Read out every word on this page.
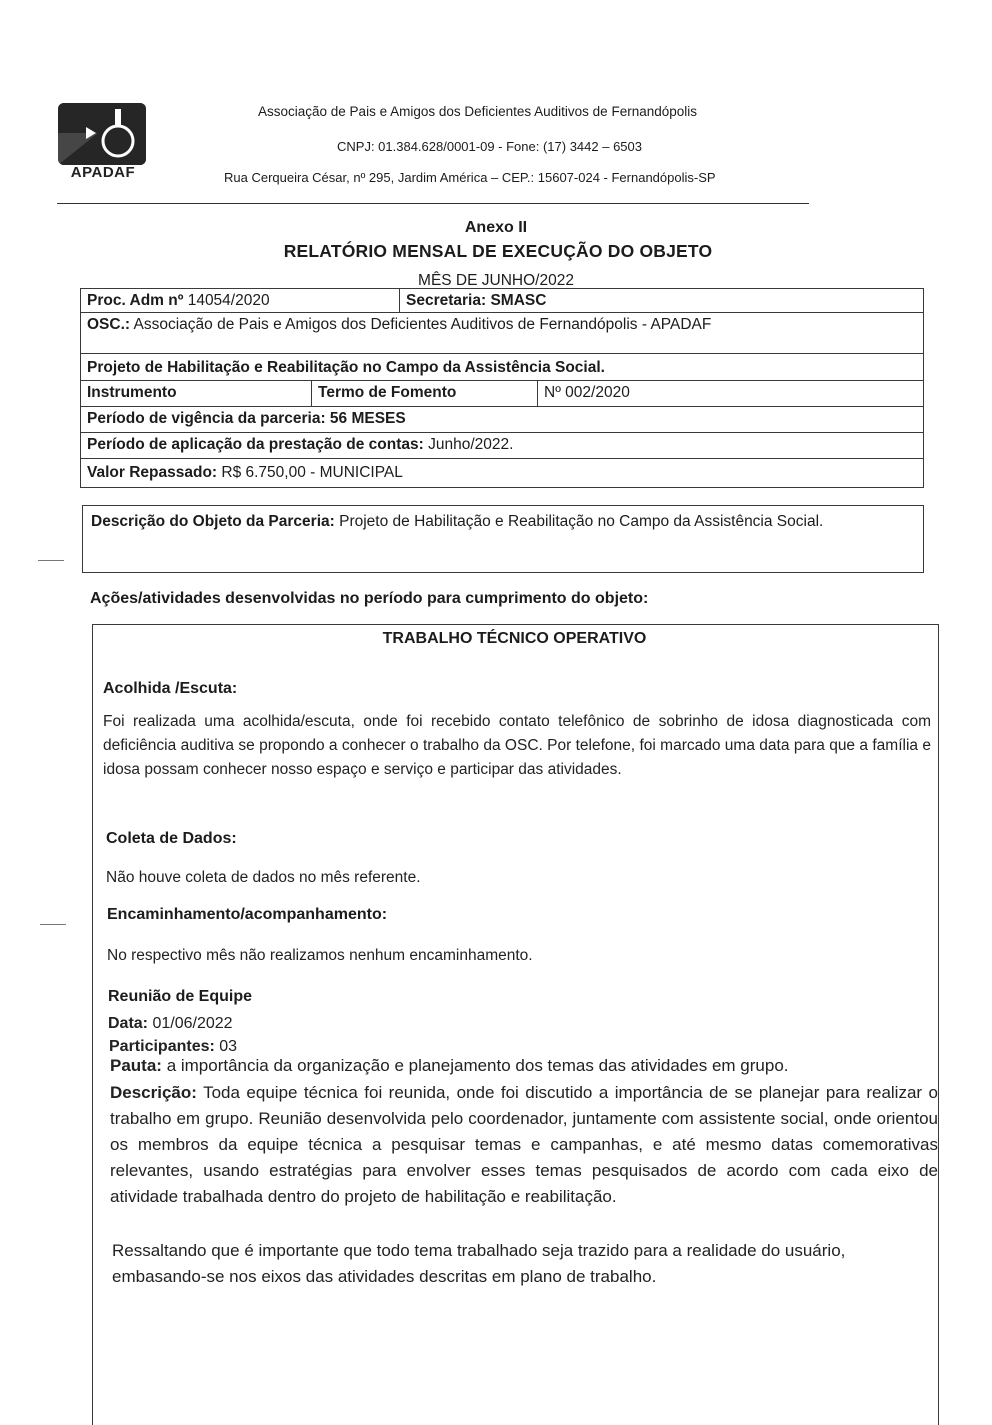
APADAF
Associação de Pais e Amigos dos Deficientes Auditivos de Fernandópolis
CNPJ: 01.384.628/0001-09 - Fone: (17) 3442 – 6503
Rua Cerqueira César, nº 295, Jardim América – CEP.: 15607-024 - Fernandópolis-SP
Anexo II
RELATÓRIO MENSAL DE EXECUÇÃO DO OBJETO
MÊS DE JUNHO/2022
Proc. Adm nº 14054/2020	Secretaria: SMASC
OSC.: Associação de Pais e Amigos dos Deficientes Auditivos de Fernandópolis - APADAF
Projeto de Habilitação e Reabilitação no Campo da Assistência Social.
Instrumento	Termo de Fomento	Nº 002/2020
Período de vigência da parceria: 56 MESES
Período de aplicação da prestação de contas: Junho/2022.
Valor Repassado: R$ 6.750,00 - MUNICIPAL
Descrição do Objeto da Parceria: Projeto de Habilitação e Reabilitação no Campo da Assistência Social.
Ações/atividades desenvolvidas no período para cumprimento do objeto:
TRABALHO TÉCNICO OPERATIVO
Acolhida /Escuta:
Foi realizada uma acolhida/escuta, onde foi recebido contato telefônico de sobrinho de idosa diagnosticada com deficiência auditiva se propondo a conhecer o trabalho da OSC. Por telefone, foi marcado uma data para que a família e idosa possam conhecer nosso espaço e serviço e participar das atividades.
Coleta de Dados:
Não houve coleta de dados no mês referente.
Encaminhamento/acompanhamento:
No respectivo mês não realizamos nenhum encaminhamento.
Reunião de Equipe
Data: 01/06/2022
Participantes: 03
Pauta: a importância da organização e planejamento dos temas das atividades em grupo.
Descrição: Toda equipe técnica foi reunida, onde foi discutido a importância de se planejar para realizar o trabalho em grupo. Reunião desenvolvida pelo coordenador, juntamente com assistente social, onde orientou os membros da equipe técnica a pesquisar temas e campanhas, e até mesmo datas comemorativas relevantes, usando estratégias para envolver esses temas pesquisados de acordo com cada eixo de atividade trabalhada dentro do projeto de habilitação e reabilitação.
Ressaltando que é importante que todo tema trabalhado seja trazido para a realidade do usuário, embasando-se nos eixos das atividades descritas em plano de trabalho.
